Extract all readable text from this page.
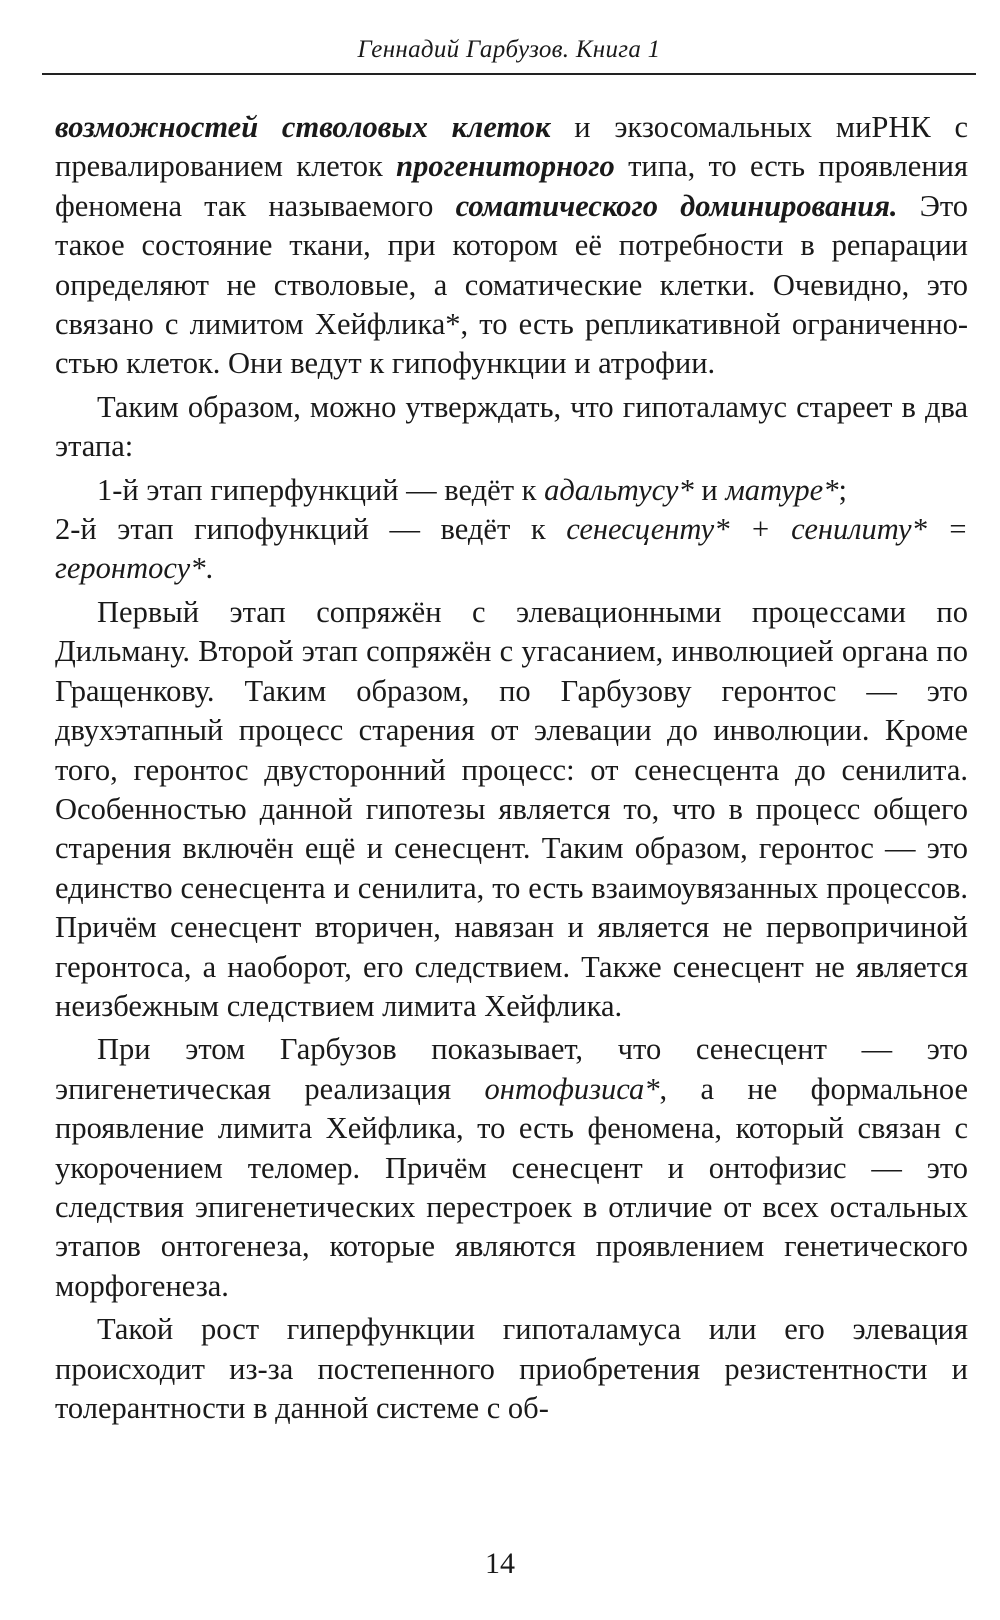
Геннадий Гарбузов. Книга 1

возможностей стволовых клеток и экзосомальных миРНК с превалированием клеток прогениторного типа, то есть проявления феномена так называемого соматического доминирования. Это такое состояние ткани, при котором её потребности в репарации определяют не стволовые, а соматические клетки. Очевидно, это связано с лимитом Хейфлика*, то есть репликативной ограниченностью клеток. Они ведут к гипофункции и атрофии.

Таким образом, можно утверждать, что гипоталамус стареет в два этапа:

1-й этап гиперфункций — ведёт к адальтусу* и матуре*;

2-й этап гипофункций — ведёт к сенесценту* + сенилиту* = геронтосу*.

Первый этап сопряжён с элевационными процессами по Дильману. Второй этап сопряжён с угасанием, инволюцией органа по Гращенкову. Таким образом, по Гарбузову геронтос — это двухэтапный процесс старения от элевации до инволюции. Кроме того, геронтос двусторонний процесс: от сенесцента до сенилита. Особенностью данной гипотезы является то, что в процесс общего старения включён ещё и сенесцент. Таким образом, геронтос — это единство сенесцента и сенилита, то есть взаимоувязанных процессов. Причём сенесцент вторичен, навязан и является не первопричиной геронтоса, а наоборот, его следствием. Также сенесцент не является неизбежным следствием лимита Хейфлика.

При этом Гарбузов показывает, что сенесцент — это эпигенетическая реализация онтофизиса*, а не формальное проявление лимита Хейфлика, то есть феномена, который связан с укорочением теломер. Причём сенесцент и онтофизис — это следствия эпигенетических перестроек в отличие от всех остальных этапов онтогенеза, которые являются проявлением генетического морфогенеза.

Такой рост гиперфункции гипоталамуса или его элевация происходит из-за постепенного приобретения резистентности и толерантности в данной системе с об-

14
